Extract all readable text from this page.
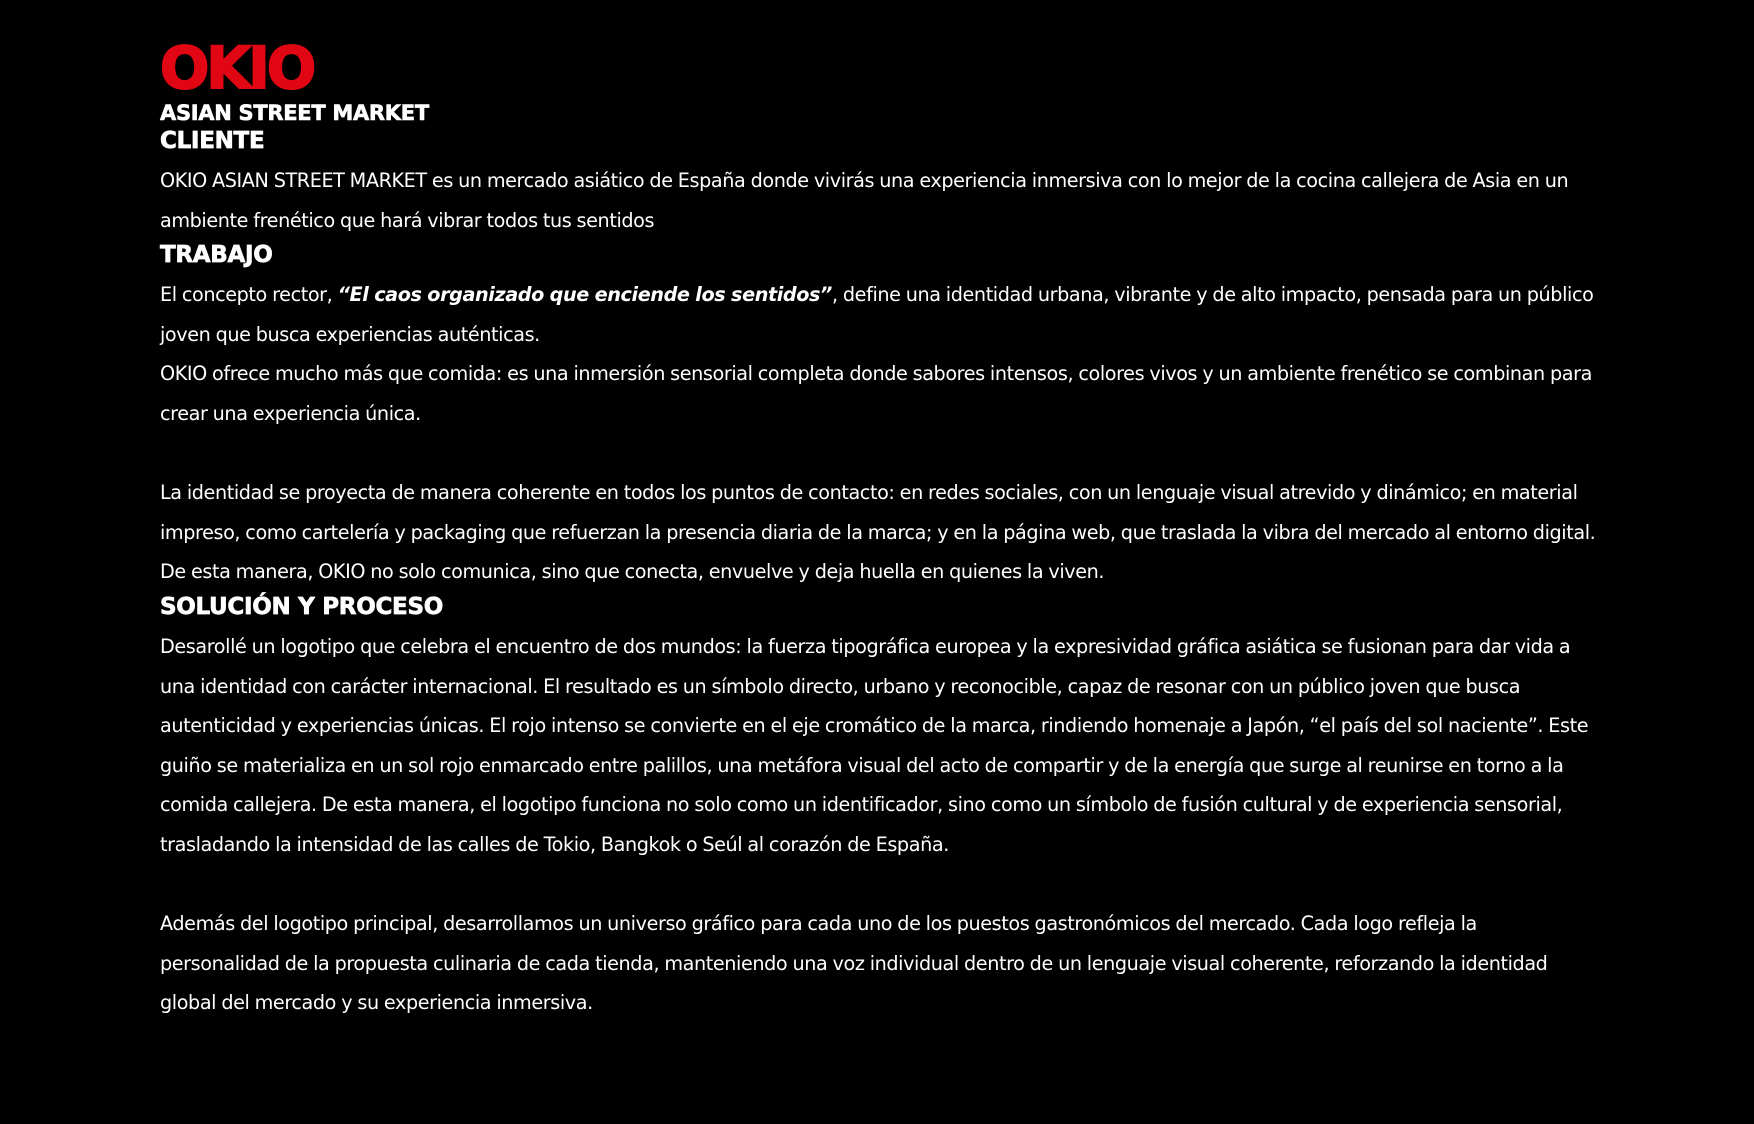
OKIO
ASIAN STREET MARKET
CLIENTE

OKIO ASIAN STREET MARKET es un mercado asiático de España donde vivirás una experiencia inmersiva con lo mejor de la cocina callejera de Asia en un ambiente frenético que hará vibrar todos tus sentidos

TRABAJO

El concepto rector, “El caos organizado que enciende los sentidos”, define una identidad urbana, vibrante y de alto impacto, pensada para un público joven que busca experiencias auténticas.

OKIO ofrece mucho más que comida: es una inmersión sensorial completa donde sabores intensos, colores vivos y un ambiente frenético se combinan para crear una experiencia única.

La identidad se proyecta de manera coherente en todos los puntos de contacto: en redes sociales, con un lenguaje visual atrevido y dinámico; en material impreso, como cartelería y packaging que refuerzan la presencia diaria de la marca; y en la página web, que traslada la vibra del mercado al entorno digital. De esta manera, OKIO no solo comunica, sino que conecta, envuelve y deja huella en quienes la viven.

SOLUCIÓN Y PROCESO

Desarollé un logotipo que celebra el encuentro de dos mundos: la fuerza tipográfica europea y la expresividad gráfica asiática se fusionan para dar vida a una identidad con carácter internacional. El resultado es un símbolo directo, urbano y reconocible, capaz de resonar con un público joven que busca autenticidad y experiencias únicas. El rojo intenso se convierte en el eje cromático de la marca, rindiendo homenaje a Japón, “el país del sol naciente”. Este guiño se materializa en un sol rojo enmarcado entre palillos, una metáfora visual del acto de compartir y de la energía que surge al reunirse en torno a la comida callejera. De esta manera, el logotipo funciona no solo como un identificador, sino como un símbolo de fusión cultural y de experiencia sensorial, trasladando la intensidad de las calles de Tokio, Bangkok o Seúl al corazón de España.

Además del logotipo principal, desarrollamos un universo gráfico para cada uno de los puestos gastronómicos del mercado. Cada logo refleja la personalidad de la propuesta culinaria de cada tienda, manteniendo una voz individual dentro de un lenguaje visual coherente, reforzando la identidad global del mercado y su experiencia inmersiva.
